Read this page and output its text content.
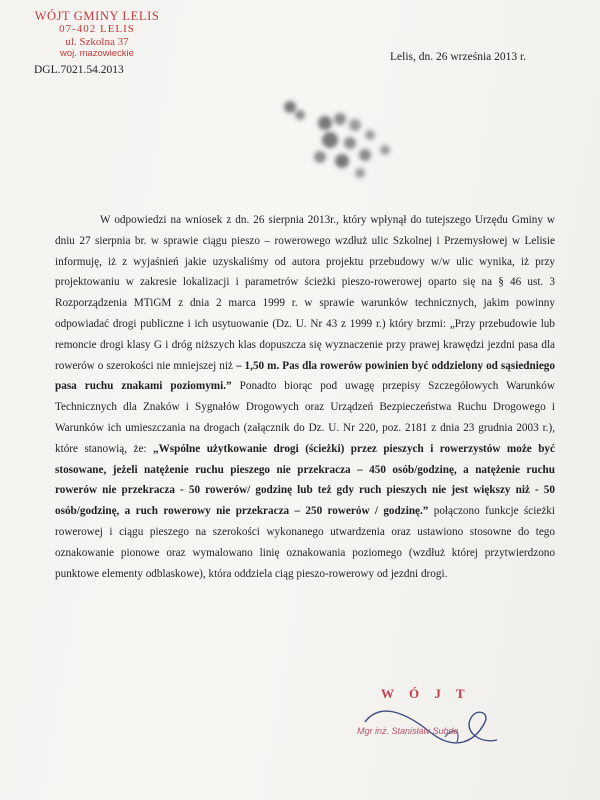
WÓJT GMINY LELIS
07-402 LELIS
ul. Szkolna 37
woj. mazowieckie
DGL.7021.54.2013
Lelis, dn. 26 września 2013 r.

W odpowiedzi na wniosek z dn. 26 sierpnia 2013r., który wpłynął do tutejszego Urzędu Gminy w dniu 27 sierpnia br. w sprawie ciągu pieszo – rowerowego wzdłuż ulic Szkolnej i Przemysłowej w Lelisie informuję, iż z wyjaśnień jakie uzyskaliśmy od autora projektu przebudowy w/w ulic wynika, iż przy projektowaniu w zakresie lokalizacji i parametrów ścieżki pieszo-rowerowej oparto się na § 46 ust. 3 Rozporządzenia MTiGM z dnia 2 marca 1999 r. w sprawie warunków technicznych, jakim powinny odpowiadać drogi publiczne i ich usytuowanie (Dz. U. Nr 43 z 1999 r.) który brzmi: „Przy przebudowie lub remoncie drogi klasy G i dróg niższych klas dopuszcza się wyznaczenie przy prawej krawędzi jezdni pasa dla rowerów o szerokości nie mniejszej niż – 1,50 m. Pas dla rowerów powinien być oddzielony od sąsiedniego pasa ruchu znakami poziomymi.” Ponadto biorąc pod uwagę przepisy Szczegółowych Warunków Technicznych dla Znaków i Sygnałów Drogowych oraz Urządzeń Bezpieczeństwa Ruchu Drogowego i Warunków ich umieszczania na drogach (załącznik do Dz. U. Nr 220, poz. 2181 z dnia 23 grudnia 2003 r.), które stanowią, że: „Wspólne użytkowanie drogi (ścieżki) przez pieszych i rowerzystów może być stosowane, jeżeli natężenie ruchu pieszego nie przekracza – 450 osób/godzinę, a natężenie ruchu rowerów nie przekracza - 50 rowerów/ godzinę lub też gdy ruch pieszych nie jest większy niż - 50 osób/godzinę, a ruch rowerowy nie przekracza – 250 rowerów / godzinę.” połączono funkcje ścieżki rowerowej i ciągu pieszego na szerokości wykonanego utwardzenia oraz ustawiono stosowne do tego oznakowanie pionowe oraz wymalowano linię oznakowania poziomego (wzdłuż której przytwierdzono punktowe elementy odblaskowe), która oddziela ciąg pieszo-rowerowy od jezdni drogi.

W Ó J T
Mgr inż. Stanisław Subda
